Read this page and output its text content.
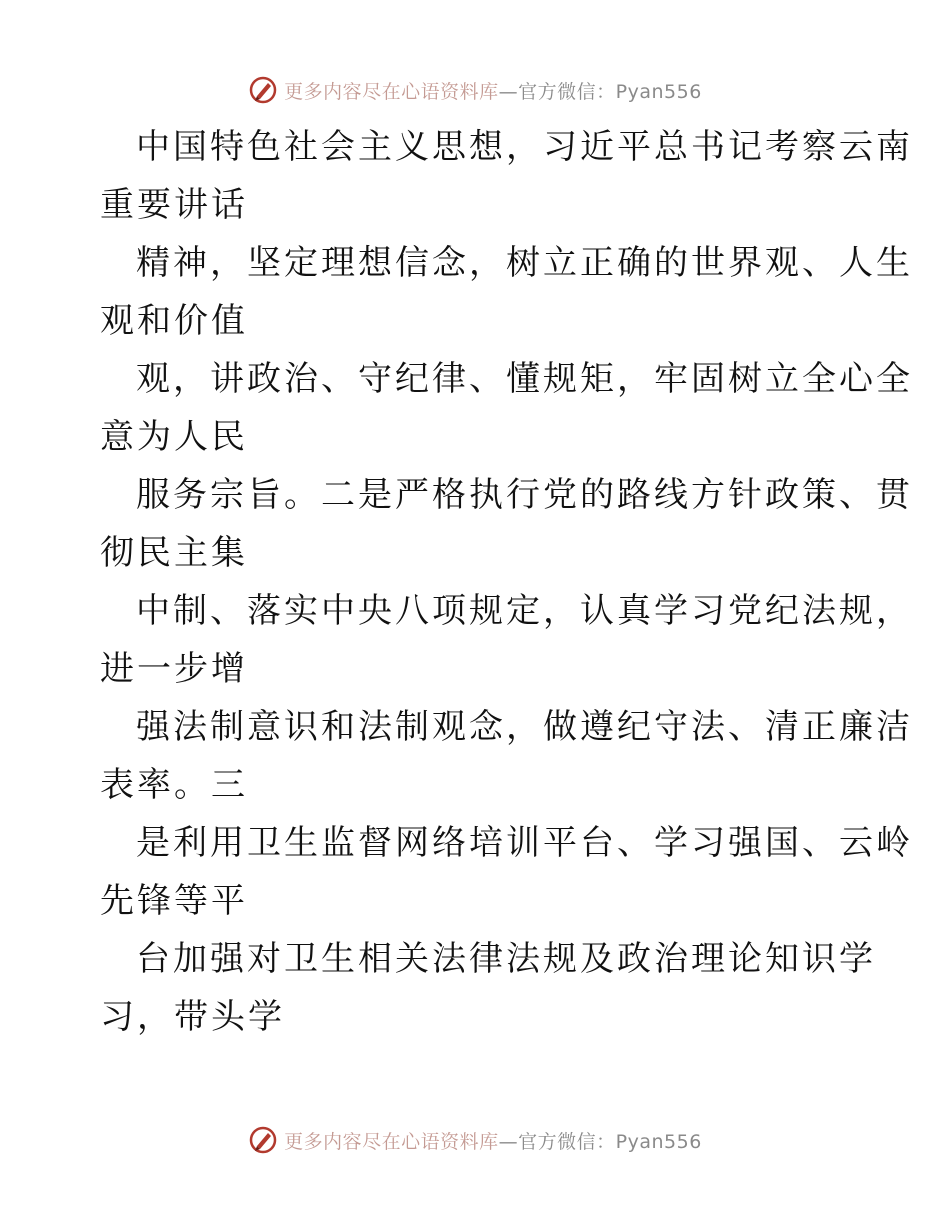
更多内容尽在心语资料库—官方微信：Pyan556

中国特色社会主义思想，习近平总书记考察云南
重要讲话

精神，坚定理想信念，树立正确的世界观、人生
观和价值

观，讲政治、守纪律、懂规矩，牢固树立全心全
意为人民

服务宗旨。二是严格执行党的路线方针政策、贯
彻民主集

中制、落实中央八项规定，认真学习党纪法规，
进一步增

强法制意识和法制观念，做遵纪守法、清正廉洁
表率。三

是利用卫生监督网络培训平台、学习强国、云岭
先锋等平

台加强对卫生相关法律法规及政治理论知识学
习，带头学

更多内容尽在心语资料库—官方微信：Pyan556
